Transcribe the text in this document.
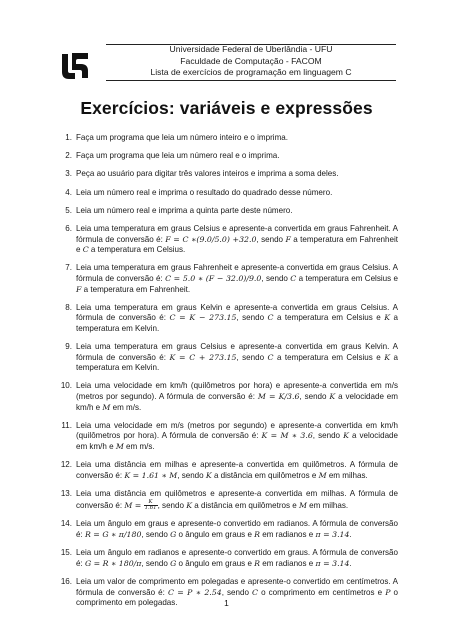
Universidade Federal de Uberlândia - UFU
Faculdade de Computação - FACOM
Lista de exercícios de programação em linguagem C
Exercícios: variáveis e expressões
1. Faça um programa que leia um número inteiro e o imprima.
2. Faça um programa que leia um número real e o imprima.
3. Peça ao usuário para digitar três valores inteiros e imprima a soma deles.
4. Leia um número real e imprima o resultado do quadrado desse número.
5. Leia um número real e imprima a quinta parte deste número.
6. Leia uma temperatura em graus Celsius e apresente-a convertida em graus Fahrenheit. A fórmula de conversão é: F = C ∗(9.0/5.0) +32.0, sendo F a temperatura em Fahrenheit e C a temperatura em Celsius.
7. Leia uma temperatura em graus Fahrenheit e apresente-a convertida em graus Celsius. A fórmula de conversão é: C = 5.0 ∗ (F − 32.0)/9.0, sendo C a temperatura em Celsius e F a temperatura em Fahrenheit.
8. Leia uma temperatura em graus Kelvin e apresente-a convertida em graus Celsius. A fórmula de conversão é: C = K − 273.15, sendo C a temperatura em Celsius e K a temperatura em Kelvin.
9. Leia uma temperatura em graus Celsius e apresente-a convertida em graus Kelvin. A fórmula de conversão é: K = C + 273.15, sendo C a temperatura em Celsius e K a temperatura em Kelvin.
10. Leia uma velocidade em km/h (quilômetros por hora) e apresente-a convertida em m/s (metros por segundo). A fórmula de conversão é: M = K/3.6, sendo K a velocidade em km/h e M em m/s.
11. Leia uma velocidade em m/s (metros por segundo) e apresente-a convertida em km/h (quilômetros por hora). A fórmula de conversão é: K = M ∗ 3.6, sendo K a velocidade em km/h e M em m/s.
12. Leia uma distância em milhas e apresente-a convertida em quilômetros. A fórmula de conversão é: K = 1.61 ∗ M, sendo K a distância em quilômetros e M em milhas.
13. Leia uma distância em quilômetros e apresente-a convertida em milhas. A fórmula de conversão é: $M = \frac{K}{1.61}$ , sendo K a distância em quilômetros e M em milhas.
14. Leia um ângulo em graus e apresente-o convertido em radianos. A fórmula de conversão é: R = G ∗ π/180, sendo G o ângulo em graus e R em radianos e π = 3.14.
15. Leia um ângulo em radianos e apresente-o convertido em graus. A fórmula de conversão é: G = R ∗ 180/π, sendo G o ângulo em graus e R em radianos e π = 3.14.
16. Leia um valor de comprimento em polegadas e apresente-o convertido em centímetros. A fórmula de conversão é: C = P ∗ 2.54, sendo C o comprimento em centímetros e P o comprimento em polegadas.	1
